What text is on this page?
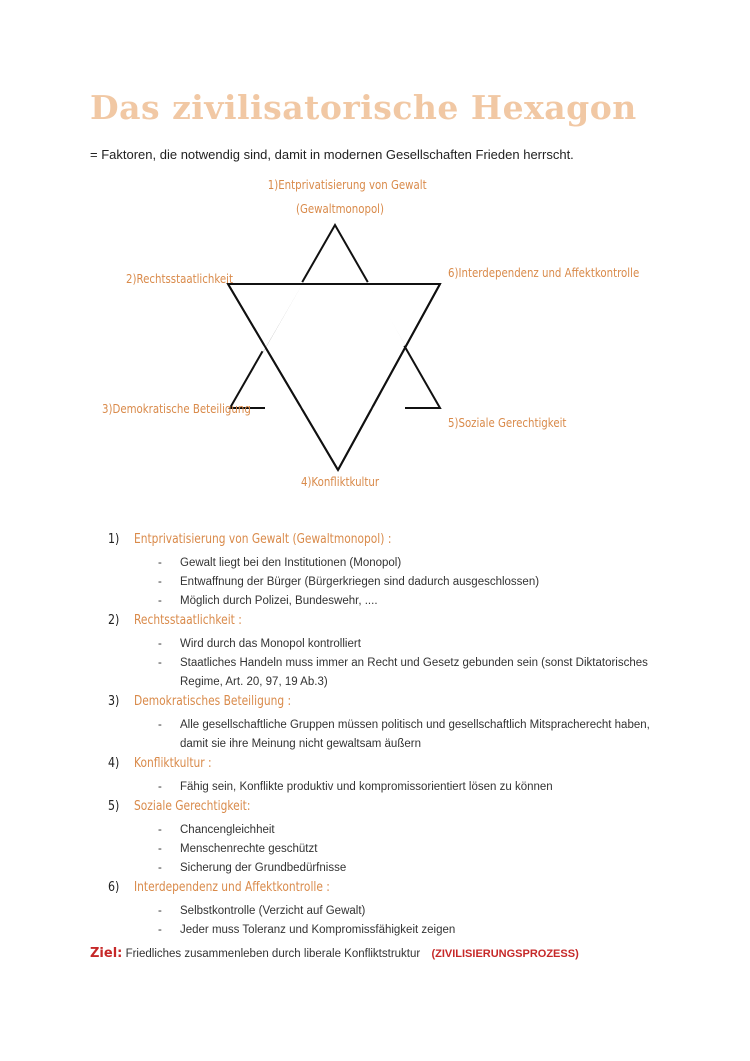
Das zivilisatorische Hexagon
= Faktoren, die notwendig sind, damit in modernen Gesellschaften Frieden herrscht.
1)Entprivatisierung von Gewalt
(Gewaltmonopol)
2)Rechtsstaatlichkeit	6)Interdependenz und Affektkontrolle
3)Demokratische Beteiligung
5)Soziale Gerechtigkeit
4)Konfliktkultur
1)	Entprivatisierung von Gewalt (Gewaltmonopol) :
- Gewalt liegt bei den Institutionen (Monopol)
- Entwaffnung der Bürger (Bürgerkriegen sind dadurch ausgeschlossen)
- Möglich durch Polizei, Bundeswehr, ....
2)	Rechtsstaatlichkeit :
- Wird durch das Monopol kontrolliert
- Staatliches Handeln muss immer an Recht und Gesetz gebunden sein (sonst Diktatorisches Regime, Art. 20, 97, 19 Ab.3)
3)	Demokratisches Beteiligung :
- Alle gesellschaftliche Gruppen müssen politisch und gesellschaftlich Mitspracherecht haben, damit sie ihre Meinung nicht gewaltsam äußern
4)	Konfliktkultur :
- Fähig sein, Konflikte produktiv und kompromissorientiert lösen zu können
5)	Soziale Gerechtigkeit:
- Chancengleichheit
- Menschenrechte geschützt
- Sicherung der Grundbedürfnisse
6)	Interdependenz und Affektkontrolle :
- Selbstkontrolle (Verzicht auf Gewalt)
- Jeder muss Toleranz und Kompromissfähigkeit zeigen
Ziel: Friedliches zusammenleben durch liberale Konfliktstruktur (ZIVILISIERUNGSPROZESS)
